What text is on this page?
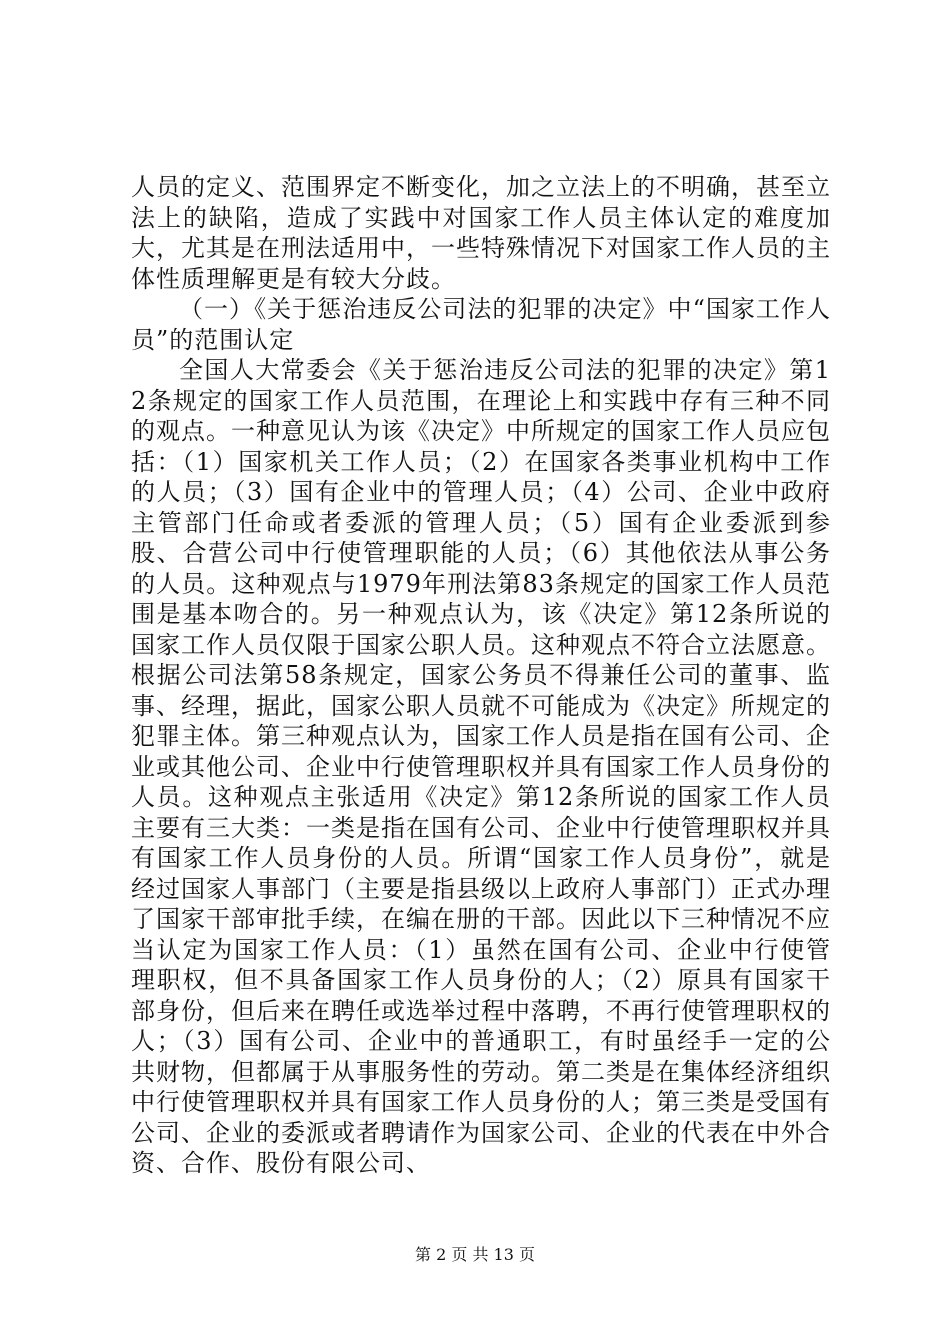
人员的定义、范围界定不断变化，加之立法上的不明确，甚至立法上的缺陷，造成了实践中对国家工作人员主体认定的难度加大，尤其是在刑法适用中，一些特殊情况下对国家工作人员的主体性质理解更是有较大分歧。

（一）《关于惩治违反公司法的犯罪的决定》中“国家工作人员”的范围认定

全国人大常委会《关于惩治违反公司法的犯罪的决定》第12条规定的国家工作人员范围，在理论上和实践中存有三种不同的观点。一种意见认为该《决定》中所规定的国家工作人员应包括：（1）国家机关工作人员；（2）在国家各类事业机构中工作的人员；（3）国有企业中的管理人员；（4）公司、企业中政府主管部门任命或者委派的管理人员；（5）国有企业委派到参股、合营公司中行使管理职能的人员；（6）其他依法从事公务的人员。这种观点与1979年刑法第83条规定的国家工作人员范围是基本吻合的。另一种观点认为，该《决定》第12条所说的国家工作人员仅限于国家公职人员。这种观点不符合立法愿意。根据公司法第58条规定，国家公务员不得兼任公司的董事、监事、经理，据此，国家公职人员就不可能成为《决定》所规定的犯罪主体。第三种观点认为，国家工作人员是指在国有公司、企业或其他公司、企业中行使管理职权并具有国家工作人员身份的人员。这种观点主张适用《决定》第12条所说的国家工作人员主要有三大类：一类是指在国有公司、企业中行使管理职权并具有国家工作人员身份的人员。所谓“国家工作人员身份”，就是经过国家人事部门（主要是指县级以上政府人事部门）正式办理了国家干部审批手续，在编在册的干部。因此以下三种情况不应当认定为国家工作人员：（1）虽然在国有公司、企业中行使管理职权，但不具备国家工作人员身份的人；（2）原具有国家干部身份，但后来在聘任或选举过程中落聘，不再行使管理职权的人；（3）国有公司、企业中的普通职工，有时虽经手一定的公共财物，但都属于从事服务性的劳动。第二类是在集体经济组织中行使管理职权并具有国家工作人员身份的人；第三类是受国有公司、企业的委派或者聘请作为国家公司、企业的代表在中外合资、合作、股份有限公司、

第 2 页 共 13 页
